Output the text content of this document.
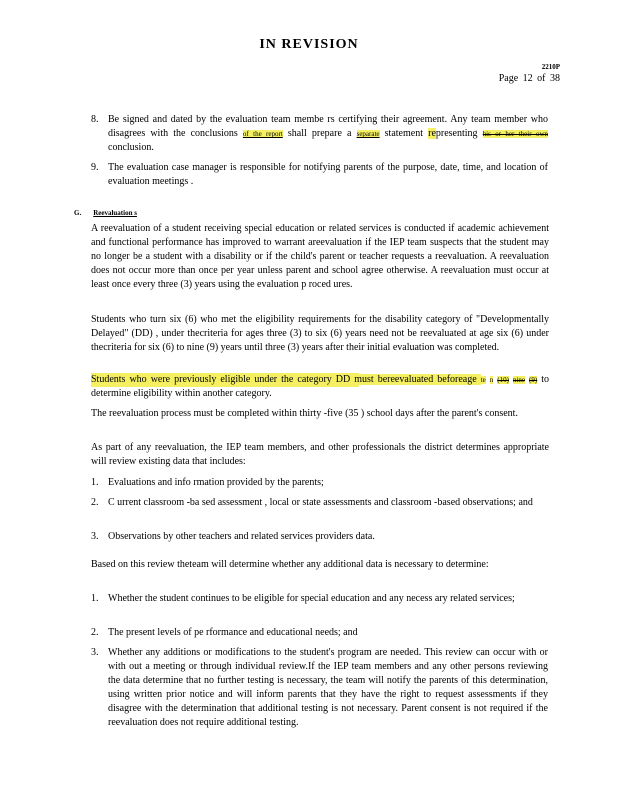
IN REVISION
2210P
Page 12 of 38
8. Be signed and dated by the evaluation team membe rs certifying their agreement. Any team member who disagrees with the conclusions of the report shall prepare a separate statement representing his or her their own conclusion.
9. The evaluation case manager is responsible for notifying parents of the purpose, date, time, and location of evaluation meetings .
G. Reevaluation s
A reevaluation of a student receiving special education or related services is conducted if academic achievement and functional performance has improved to warrant areevaluation if the IEP team suspects that the student may no longer be a student with a disability or if the child's parent or teacher requests a reevaluation. A reevaluation does not occur more than once per year unless parent and school agree otherwise. A reevaluation must occur at least once every three (3) years using the evaluation p roced ures.
Students who turn six (6) who met the eligibility requirements for the disability category of "Developmentally Delayed" (DD) , under thecriteria for ages three (3) to six (6) years need not be reevaluated at age six (6) under thecriteria for six (6) to nine (9) years until three (3) years after their initial evaluation was completed.

Students who were previously eligible under the category DD must bereevaluated beforeage te n (10) nine (9) to determine eligibility within another category.
The reevaluation process must be completed within thirty -five (35 ) school days after the parent's consent.
As part of any reevaluation, the IEP team members, and other professionals the district determines appropriate will review existing data that includes:
1. Evaluations and info rmation provided by the parents;
2. C urrent classroom -ba sed assessment , local or state assessments and classroom -based observations; and
3. Observations by other teachers and related services providers data.
Based on this review theteam will determine whether any additional data is necessary to determine:
1. Whether the student continues to be eligible for special education and any necess ary related services;
2. The present levels of pe rformance and educational needs; and
3. Whether any additions or modifications to the student's program are needed. This review can occur with or with out a meeting or through individual review.If the IEP team members and any other persons reviewing the data determine that no further testing is necessary, the team will notify the parents of this determination, using written prior notice and will inform parents that they have the right to request assessments if they disagree with the determination that additional testing is not necessary. Parent consent is not required if the reevaluation does not require additional testing.
